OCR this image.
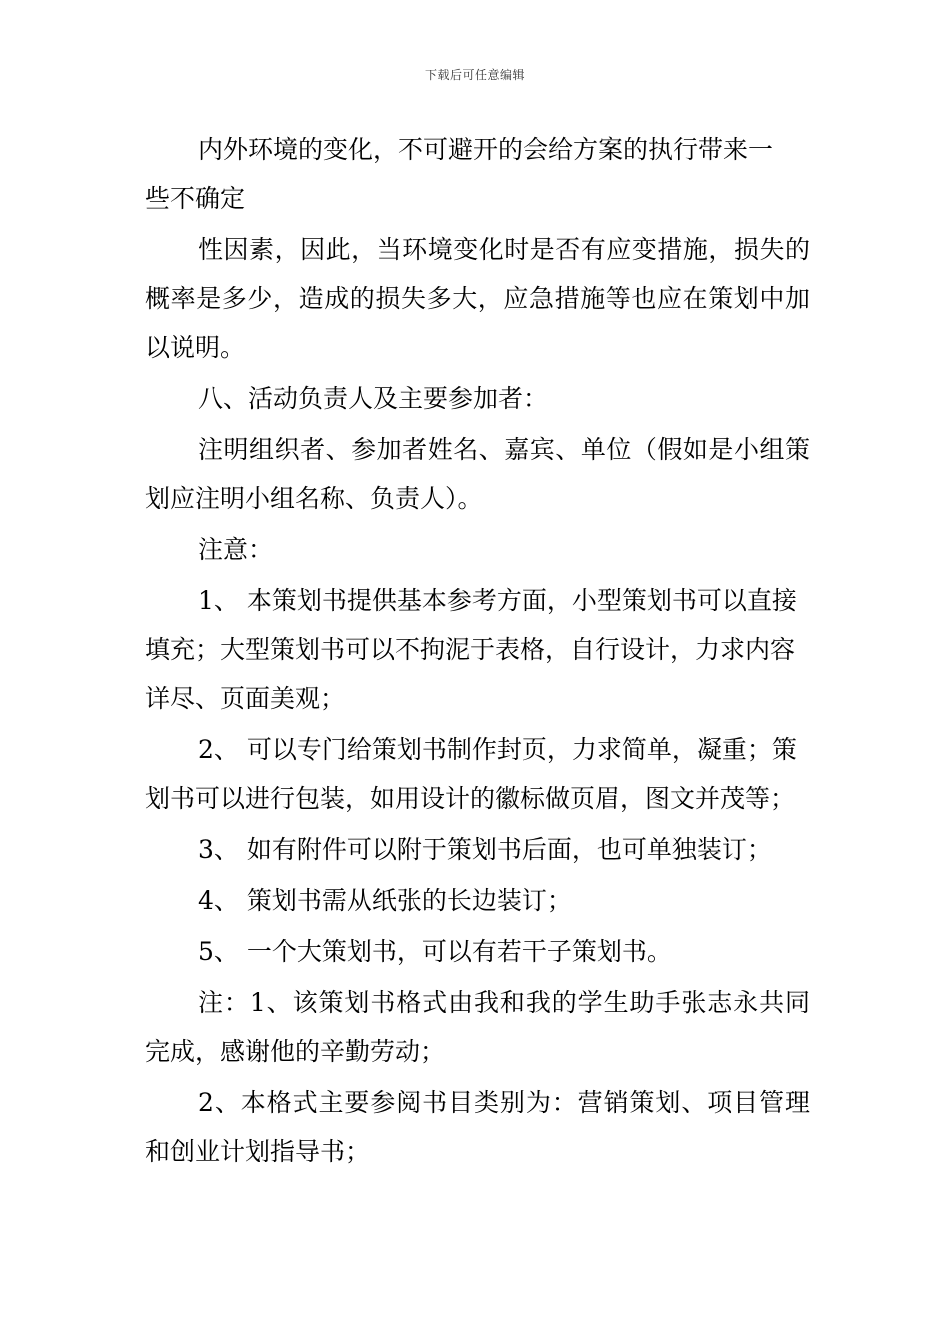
下载后可任意编辑
内外环境的变化，不可避开的会给方案的执行带来一
些不确定
性因素，因此，当环境变化时是否有应变措施，损失的概率是多少，造成的损失多大，应急措施等也应在策划中加以说明。
八、活动负责人及主要参加者：
注明组织者、参加者姓名、嘉宾、单位（假如是小组策划应注明小组名称、负责人）。
注意：
1、 本策划书提供基本参考方面，小型策划书可以直接填充；大型策划书可以不拘泥于表格，自行设计，力求内容详尽、页面美观；
2、 可以专门给策划书制作封页，力求简单，凝重；策划书可以进行包装，如用设计的徽标做页眉，图文并茂等；
3、 如有附件可以附于策划书后面，也可单独装订；
4、 策划书需从纸张的长边装订；
5、 一个大策划书，可以有若干子策划书。
注：1、该策划书格式由我和我的学生助手张志永共同完成，感谢他的辛勤劳动；
2、本格式主要参阅书目类别为：营销策划、项目管理和创业计划指导书；
